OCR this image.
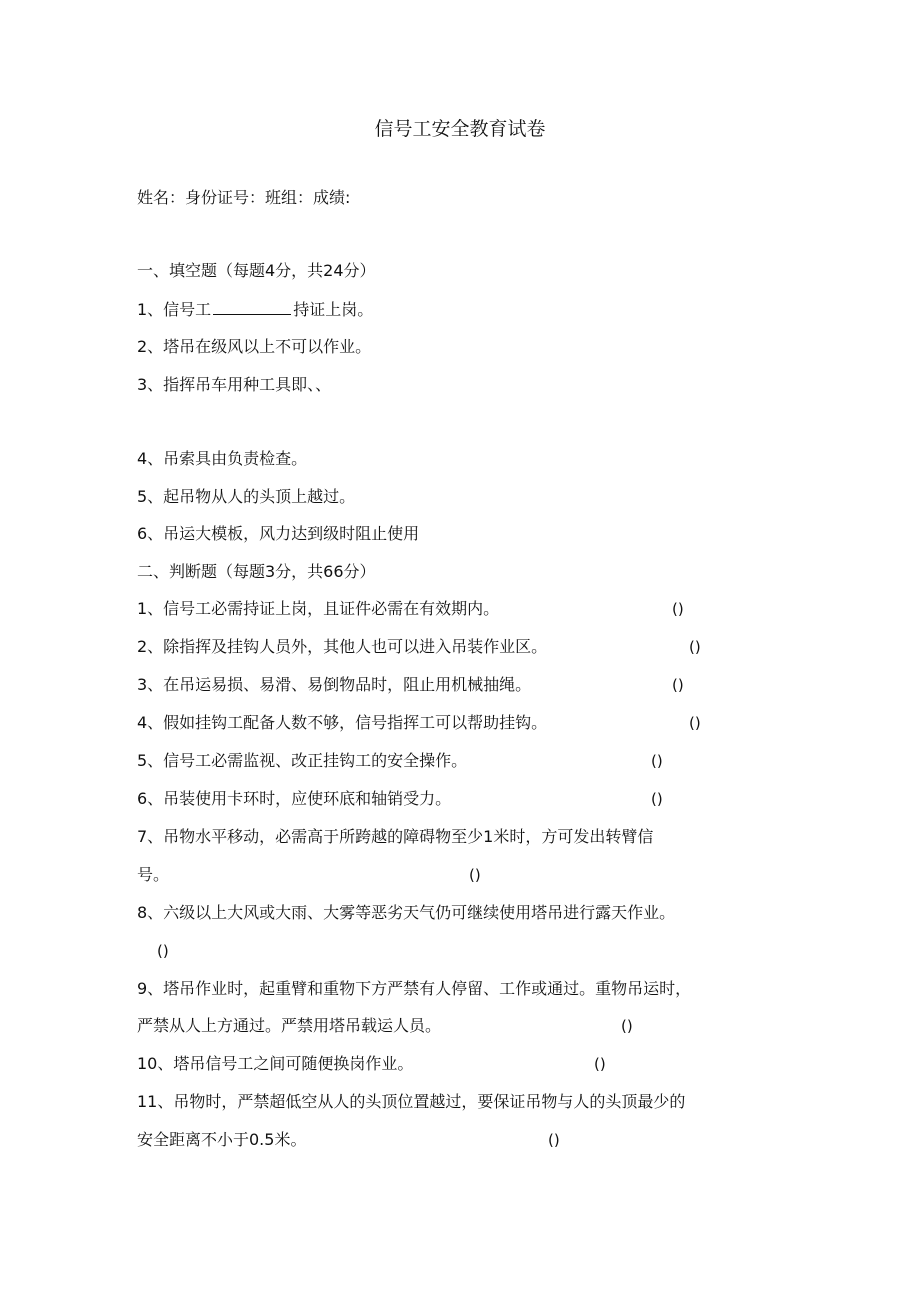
信号工安全教育试卷
姓名：身份证号：班组：成绩:
一、填空题（每题4分，共24分）
1、信号工	持证上岗。
2、塔吊在级风以上不可以作业。
3、指挥吊车用种工具即、、
4、吊索具由负责检查。
5、起吊物从人的头顶上越过。
6、吊运大模板，风力达到级时阻止使用
二、判断题（每题3分，共66分）
1、信号工必需持证上岗，且证件必需在有效期内。	()
2、除指挥及挂钩人员外，其他人也可以进入吊装作业区。	()
3、在吊运易损、易滑、易倒物品时，阻止用机械抽绳。	()
4、假如挂钩工配备人数不够，信号指挥工可以帮助挂钩。	()
5、信号工必需监视、改正挂钩工的安全操作。	()
6、吊装使用卡环时，应使环底和轴销受力。	()
7、吊物水平移动，必需高于所跨越的障碍物至少1米时，方可发出转臂信
号。	()
8、六级以上大风或大雨、大雾等恶劣天气仍可继续使用塔吊进行露天作业。
()
9、塔吊作业时，起重臂和重物下方严禁有人停留、工作或通过。重物吊运时，
严禁从人上方通过。严禁用塔吊载运人员。	()
10、塔吊信号工之间可随便换岗作业。	()
11、吊物时，严禁超低空从人的头顶位置越过，要保证吊物与人的头顶最少的
安全距离不小于0.5米。	()
